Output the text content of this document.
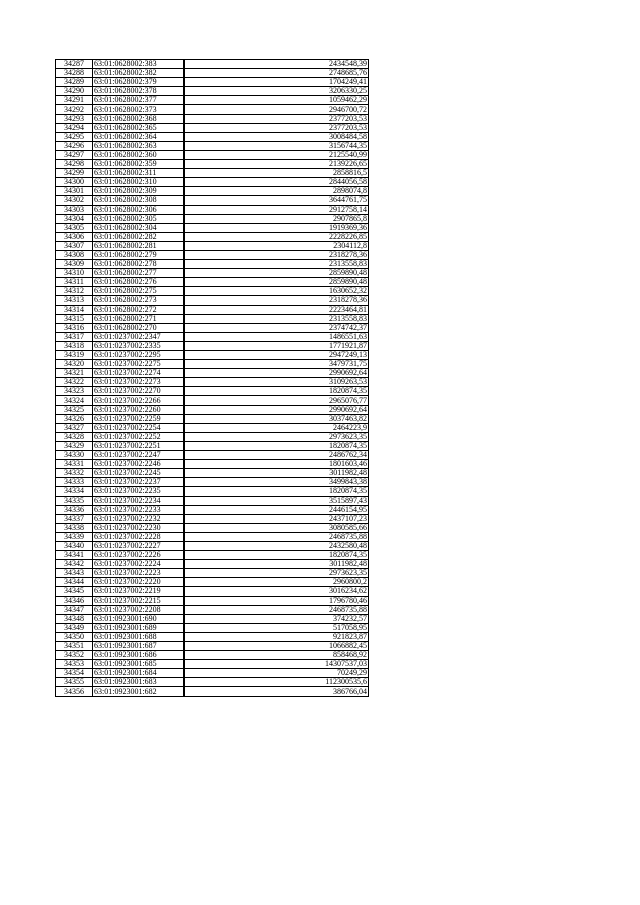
34287	63:01:0628002:383	2434548,39
34288	63:01:0628002:382	2748685,76
34289	63:01:0628002:379	1704249,41
34290	63:01:0628002:378	3206330,25
34291	63:01:0628002:377	1059462,29
34292	63:01:0628002:373	2946700,72
34293	63:01:0628002:368	2377203,53
34294	63:01:0628002:365	2377203,53
34295	63:01:0628002:364	3008484,58
34296	63:01:0628002:363	3156744,35
34297	63:01:0628002:360	2125540,99
34298	63:01:0628002:359	2139226,65
34299	63:01:0628002:311	2858816,5
34300	63:01:0628002:310	2844056,58
34301	63:01:0628002:309	2898074,8
34302	63:01:0628002:308	3644761,75
34303	63:01:0628002:306	2912758,14
34304	63:01:0628002:305	2907865,8
34305	63:01:0628002:304	1919369,36
34306	63:01:0628002:282	2228226,85
34307	63:01:0628002:281	2304112,8
34308	63:01:0628002:279	2318278,36
34309	63:01:0628002:278	2313558,83
34310	63:01:0628002:277	2859890,48
34311	63:01:0628002:276	2859890,48
34312	63:01:0628002:275	1630652,32
34313	63:01:0628002:273	2318278,36
34314	63:01:0628002:272	2223464,81
34315	63:01:0628002:271	2313558,83
34316	63:01:0628002:270	2374742,37
34317	63:01:0237002:2347	1486551,63
34318	63:01:0237002:2335	1771921,87
34319	63:01:0237002:2295	2947249,13
34320	63:01:0237002:2275	3479731,75
34321	63:01:0237002:2274	2990692,64
34322	63:01:0237002:2273	3109263,53
34323	63:01:0237002:2270	1820874,35
34324	63:01:0237002:2266	2965076,77
34325	63:01:0237002:2260	2990692,64
34326	63:01:0237002:2259	3037463,82
34327	63:01:0237002:2254	2464223,9
34328	63:01:0237002:2252	2973623,35
34329	63:01:0237002:2251	1820874,35
34330	63:01:0237002:2247	2486762,34
34331	63:01:0237002:2246	1801603,46
34332	63:01:0237002:2245	3011982,48
34333	63:01:0237002:2237	3499843,38
34334	63:01:0237002:2235	1820874,35
34335	63:01:0237002:2234	3515897,43
34336	63:01:0237002:2233	2446154,95
34337	63:01:0237002:2232	2437107,23
34338	63:01:0237002:2230	3080585,66
34339	63:01:0237002:2228	2468735,88
34340	63:01:0237002:2227	2432580,48
34341	63:01:0237002:2226	1820874,35
34342	63:01:0237002:2224	3011982,48
34343	63:01:0237002:2223	2973623,35
34344	63:01:0237002:2220	2960800,2
34345	63:01:0237002:2219	3016234,62
34346	63:01:0237002:2215	1796780,46
34347	63:01:0237002:2208	2468735,88
34348	63:01:0923001:690	374232,57
34349	63:01:0923001:689	517058,95
34350	63:01:0923001:688	921823,87
34351	63:01:0923001:687	1066882,45
34352	63:01:0923001:686	858468,92
34353	63:01:0923001:685	14307537,03
34354	63:01:0923001:684	70249,29
34355	63:01:0923001:683	112300535,6
34356	63:01:0923001:682	386766,04
